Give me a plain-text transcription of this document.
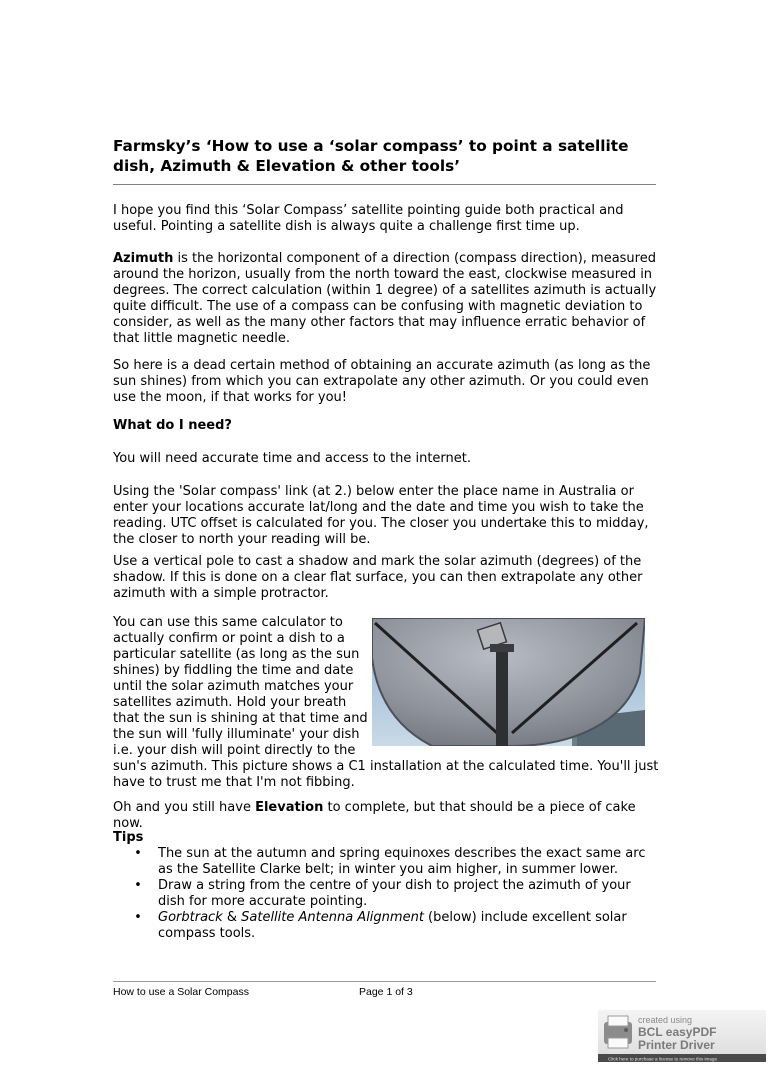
Farmsky’s ‘How to use a ‘solar compass’ to point a satellite dish, Azimuth & Elevation & other tools’
I hope you find this ‘Solar Compass’ satellite pointing guide both practical and useful. Pointing a satellite dish is always quite a challenge first time up.
Azimuth is the horizontal component of a direction (compass direction), measured around the horizon, usually from the north toward the east, clockwise measured in degrees. The correct calculation (within 1 degree) of a satellites azimuth is actually quite difficult. The use of a compass can be confusing with magnetic deviation to consider, as well as the many other factors that may influence erratic behavior of that little magnetic needle.
So here is a dead certain method of obtaining an accurate azimuth (as long as the sun shines) from which you can extrapolate any other azimuth. Or you could even use the moon, if that works for you!
What do I need?
You will need accurate time and access to the internet.
Using the 'Solar compass' link (at 2.) below enter the place name in Australia or enter your locations accurate lat/long and the date and time you wish to take the reading. UTC offset is calculated for you. The closer you undertake this to midday, the closer to north your reading will be.
Use a vertical pole to cast a shadow and mark the solar azimuth (degrees) of the shadow. If this is done on a clear flat surface, you can then extrapolate any other azimuth with a simple protractor.
You can use this same calculator to
actually confirm or point a dish to a
particular satellite (as long as the sun
shines) by fiddling the time and date
until the solar azimuth matches your
satellites azimuth. Hold your breath
that the sun is shining at that time and
the sun will 'fully illuminate' your dish
i.e. your dish will point directly to the
sun's azimuth. This picture shows a C1 installation at the calculated time. You'll just have to trust me that I'm not fibbing.
Oh and you still have Elevation to complete, but that should be a piece of cake now.
Tips
• The sun at the autumn and spring equinoxes describes the exact same arc as the Satellite Clarke belt; in winter you aim higher, in summer lower.
• Draw a string from the centre of your dish to project the azimuth of your dish for more accurate pointing.
• Gorbtrack & Satellite Antenna Alignment (below) include excellent solar compass tools.
How to use a Solar Compass	Page 1 of 3
created using
BCL easyPDF
Printer Driver
Click here to purchase a license to remove this image
